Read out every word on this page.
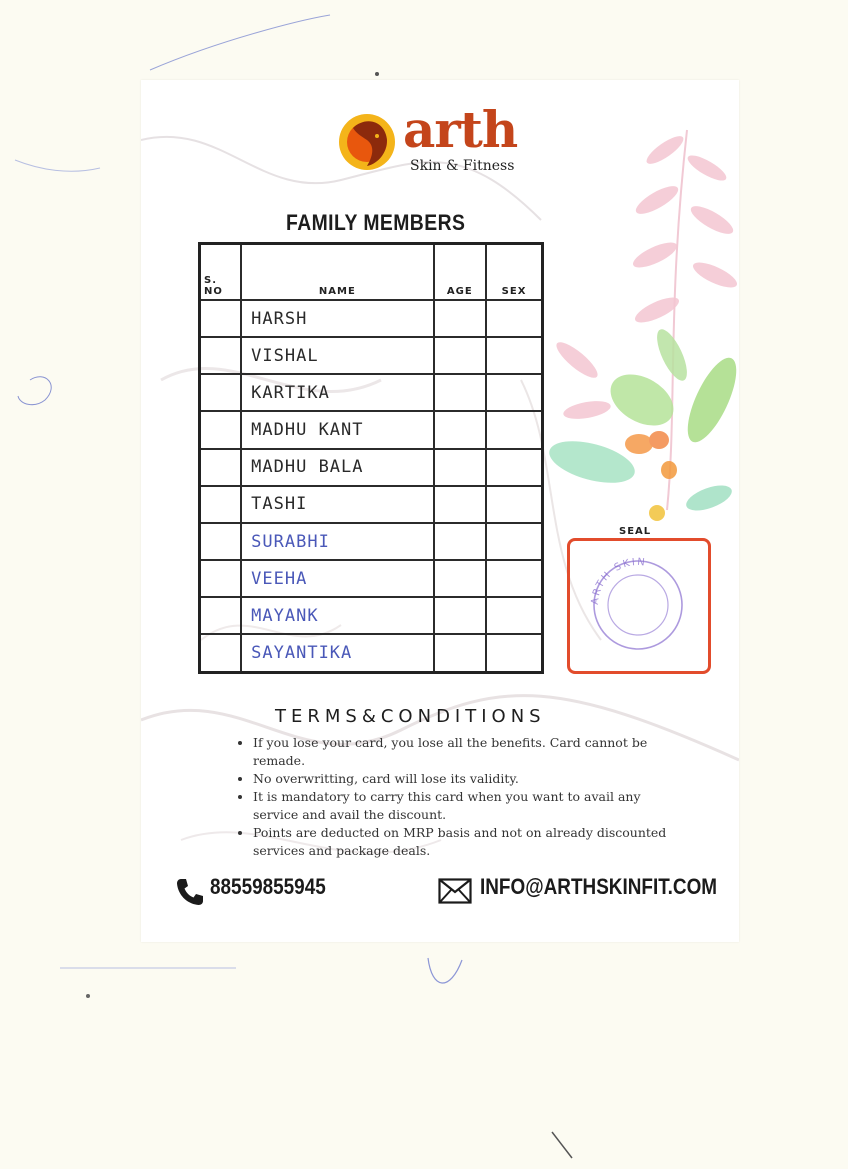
arth
Skin & Fitness
FAMILY MEMBERS
S. NO	NAME	AGE	SEX
	HARSH		
	VISHAL		
	KARTIKA		
	MADHU KANT		
	MADHU BALA		
	TASHI		
	SURABHI		
	VEEHA		
	MAYANK		
	SAYANTIKA		
SEAL
ARTH SKIN
TERMS&CONDITIONS
• If you lose your card, you lose all the benefits. Card cannot be remade.
• No overwritting, card will lose its validity.
• It is mandatory to carry this card when you want to avail any service and avail the discount.
• Points are deducted on MRP basis and not on already discounted services and package deals.
88559855945	INFO@ARTHSKINFIT.COM
